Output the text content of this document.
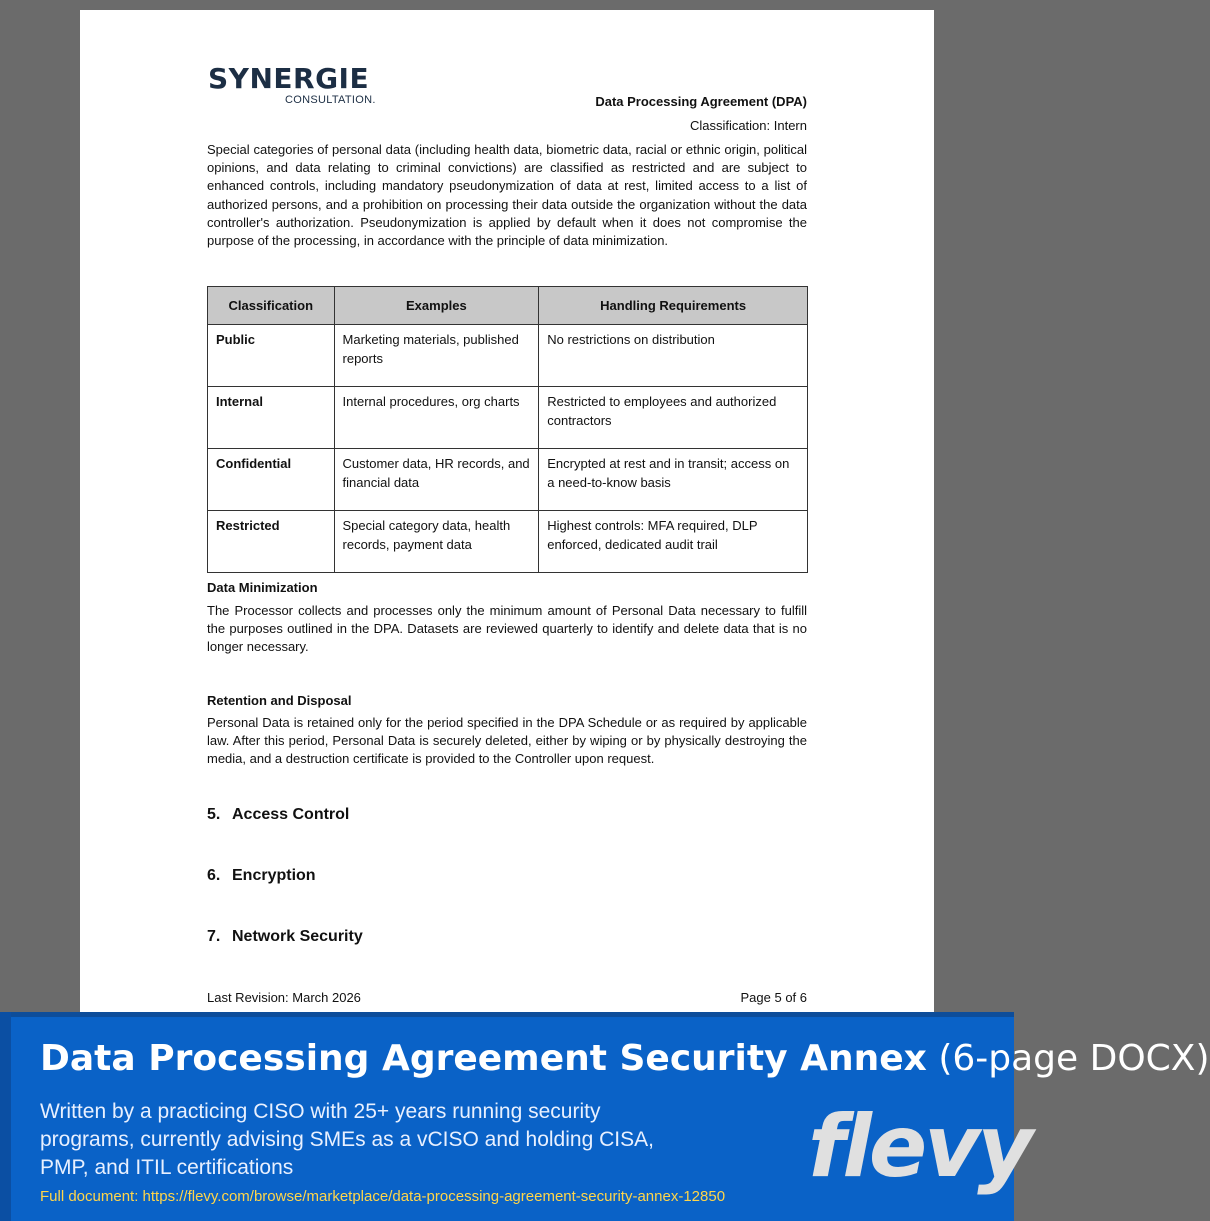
SYNERGIE
CONSULTATION.	Data Processing Agreement (DPA)
Classification: Intern

Special categories of personal data (including health data, biometric data, racial or ethnic origin, political opinions, and data relating to criminal convictions) are classified as restricted and are subject to enhanced controls, including mandatory pseudonymization of data at rest, limited access to a list of authorized persons, and a prohibition on processing their data outside the organization without the data controller's authorization. Pseudonymization is applied by default when it does not compromise the purpose of the processing, in accordance with the principle of data minimization.

Classification	Examples	Handling Requirements
Public	Marketing materials, published reports	No restrictions on distribution
Internal	Internal procedures, org charts	Restricted to employees and authorized contractors
Confidential	Customer data, HR records, and financial data	Encrypted at rest and in transit; access on a need-to-know basis
Restricted	Special category data, health records, payment data	Highest controls: MFA required, DLP enforced, dedicated audit trail
Data Minimization

The Processor collects and processes only the minimum amount of Personal Data necessary to fulfill the purposes outlined in the DPA. Datasets are reviewed quarterly to identify and delete data that is no longer necessary.

Retention and Disposal

Personal Data is retained only for the period specified in the DPA Schedule or as required by applicable law. After this period, Personal Data is securely deleted, either by wiping or by physically destroying the media, and a destruction certificate is provided to the Controller upon request.

5. Access Control
6. Encryption
7. Network Security
Last Revision: March 2026	Page 5 of 6
Data Processing Agreement Security Annex (6-page DOCX)
Written by a practicing CISO with 25+ years running security programs, currently advising SMEs as a vCISO and holding CISA, PMP, and ITIL certifications
Full document: https://flevy.com/browse/marketplace/data-processing-agreement-security-annex-12850 flevy
